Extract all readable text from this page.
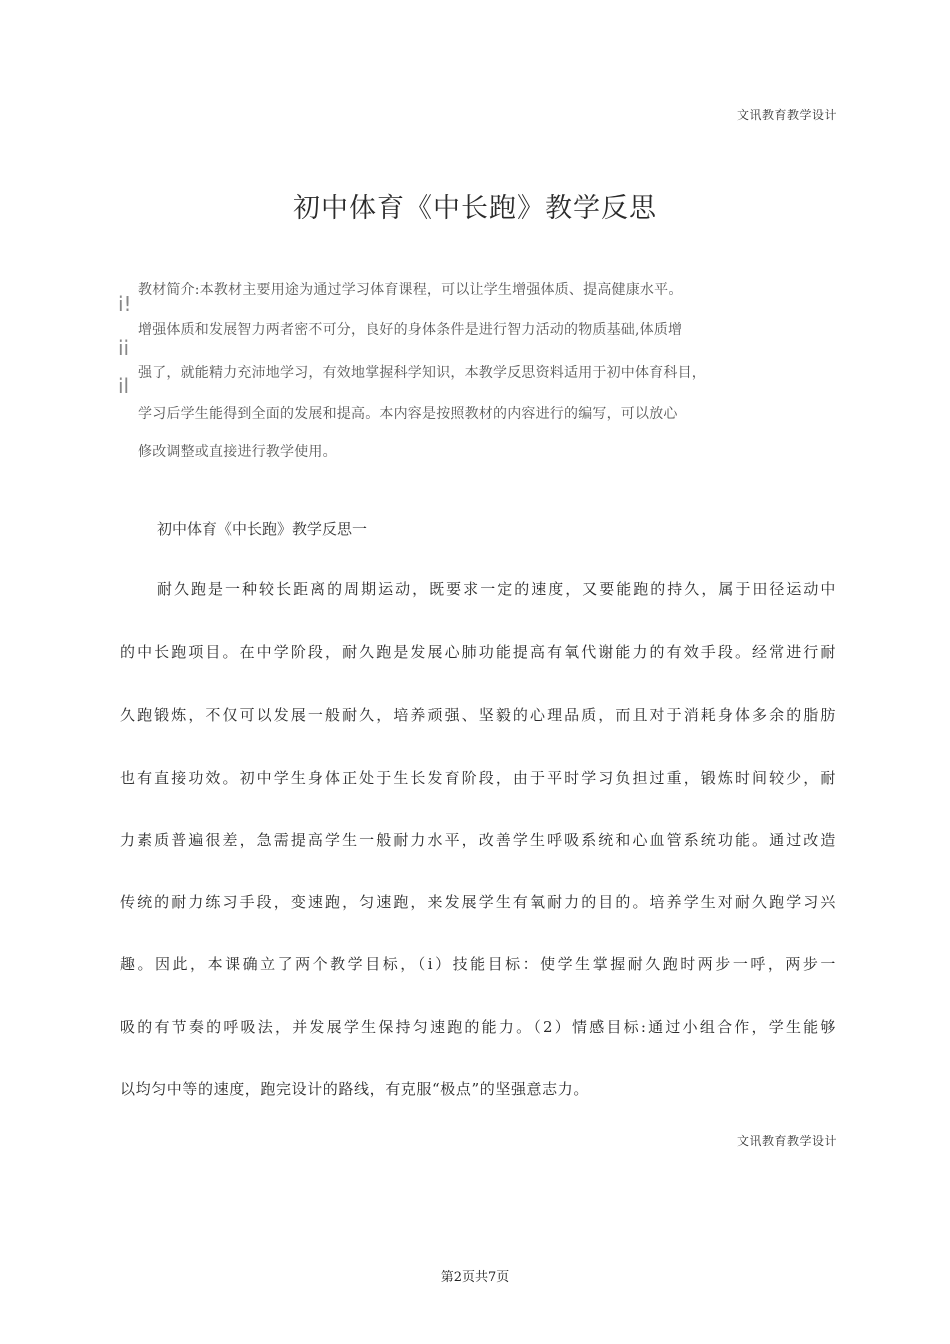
文讯教育教学设计
初中体育《中长跑》教学反思
i!
ii
il
教材简介:本教材主要用途为通过学习体育课程，可以让学生增强体质、提高健康水平。
增强体质和发展智力两者密不可分，良好的身体条件是进行智力活动的物质基础,体质增
强了，就能精力充沛地学习，有效地掌握科学知识，本教学反思资料适用于初中体育科目，
学习后学生能得到全面的发展和提高。本内容是按照教材的内容进行的编写，可以放心
修改调整或直接进行教学使用。
初中体育《中长跑》教学反思一
耐久跑是一种较长距离的周期运动，既要求一定的速度，又要能跑的持久，属于田径运动中
的中长跑项目。在中学阶段，耐久跑是发展心肺功能提高有氧代谢能力的有效手段。经常进行耐
久跑锻炼，不仅可以发展一般耐久，培养顽强、坚毅的心理品质，而且对于消耗身体多余的脂肪
也有直接功效。初中学生身体正处于生长发育阶段，由于平时学习负担过重，锻炼时间较少，耐
力素质普遍很差，急需提高学生一般耐力水平，改善学生呼吸系统和心血管系统功能。通过改造
传统的耐力练习手段，变速跑，匀速跑，来发展学生有氧耐力的目的。培养学生对耐久跑学习兴
趣。因此，本课确立了两个教学目标，（i）技能目标：使学生掌握耐久跑时两步一呼，两步一
吸的有节奏的呼吸法，并发展学生保持匀速跑的能力。（2）情感目标:通过小组合作，学生能够
以均匀中等的速度，跑完设计的路线，有克服“极点”的坚强意志力。
文讯教育教学设计
第2页共7页
